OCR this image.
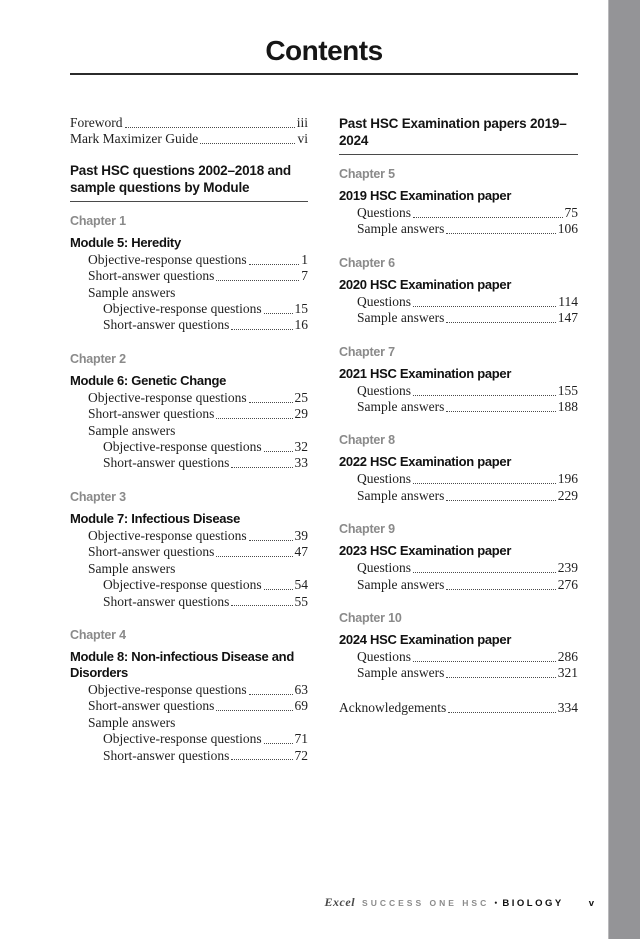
Contents
Foreword	iii
Mark Maximizer Guide	vi
Past HSC questions 2002–2018 and sample questions by Module
Chapter 1
Module 5: Heredity
Objective-response questions	1
Short-answer questions	7
Sample answers
Objective-response questions 15
Short-answer questions	16
Chapter 2
Module 6: Genetic Change
Objective-response questions	25
Short-answer questions	29
Sample answers
Objective-response questions 32
Short-answer questions	33
Chapter 3
Module 7: Infectious Disease
Objective-response questions	39
Short-answer questions	47
Sample answers
Objective-response questions 54
Short-answer questions	55
Chapter 4
Module 8: Non-infectious Disease and Disorders
Objective-response questions	63
Short-answer questions	69
Sample answers
Objective-response questions 71
Short-answer questions	72
Past HSC Examination papers 2019–2024
Chapter 5
2019 HSC Examination paper
Questions	75
Sample answers	106
Chapter 6
2020 HSC Examination paper
Questions	114
Sample answers	147
Chapter 7
2021 HSC Examination paper
Questions	155
Sample answers	188
Chapter 8
2022 HSC Examination paper
Questions	196
Sample answers	229
Chapter 9
2023 HSC Examination paper
Questions	239
Sample answers	276
Chapter 10
2024 HSC Examination paper
Questions	286
Sample answers	321
Acknowledgements	334
Excel SUCCESS ONE HSC • BIOLOGY	v
